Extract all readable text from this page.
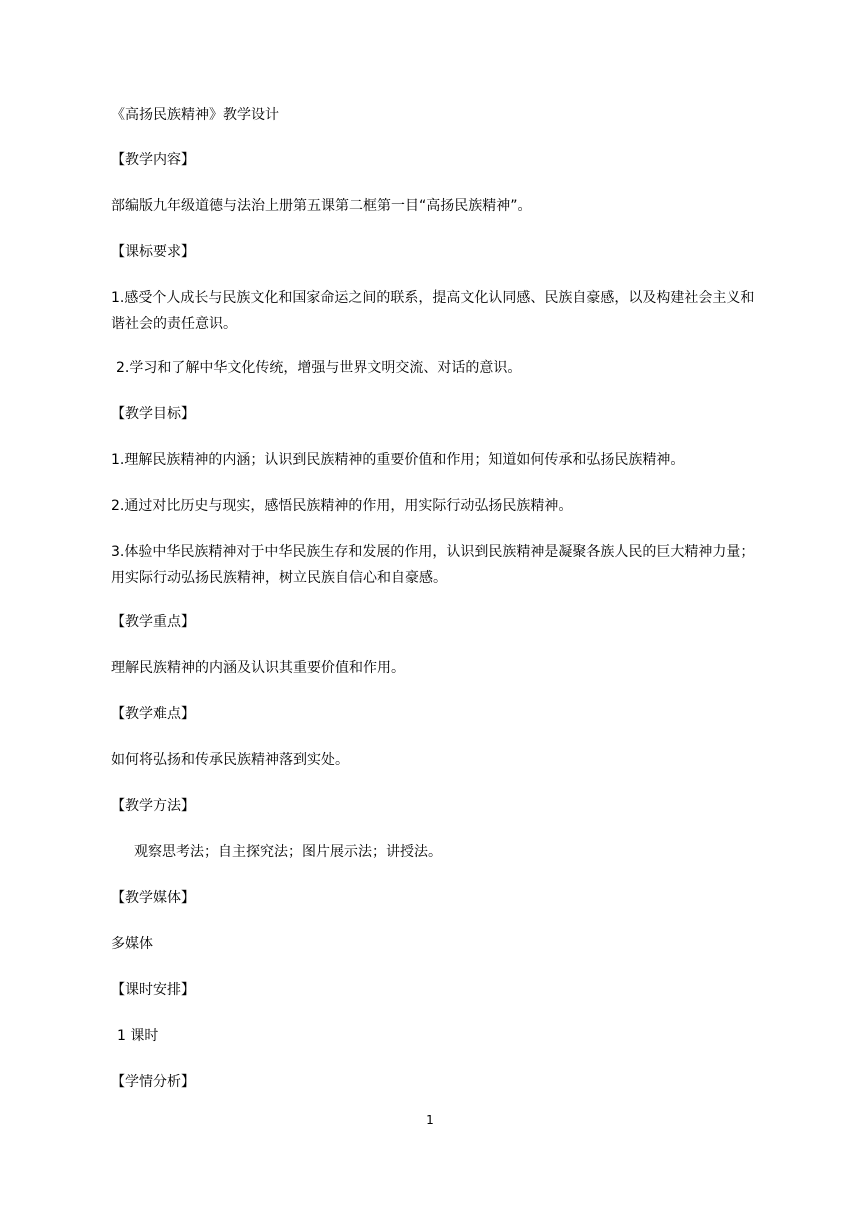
《高扬民族精神》教学设计
【教学内容】
部编版九年级道德与法治上册第五课第二框第一目“高扬民族精神”。
【课标要求】
1.感受个人成长与民族文化和国家命运之间的联系，提高文化认同感、民族自豪感，以及构建社会主义和谐社会的责任意识。
2.学习和了解中华文化传统，增强与世界文明交流、对话的意识。
【教学目标】
1.理解民族精神的内涵；认识到民族精神的重要价值和作用；知道如何传承和弘扬民族精神。
2.通过对比历史与现实，感悟民族精神的作用，用实际行动弘扬民族精神。
3.体验中华民族精神对于中华民族生存和发展的作用，认识到民族精神是凝聚各族人民的巨大精神力量；用实际行动弘扬民族精神，树立民族自信心和自豪感。
【教学重点】
理解民族精神的内涵及认识其重要价值和作用。
【教学难点】
如何将弘扬和传承民族精神落到实处。
【教学方法】
观察思考法；自主探究法；图片展示法；讲授法。
【教学媒体】
多媒体
【课时安排】
1 课时
【学情分析】
1
